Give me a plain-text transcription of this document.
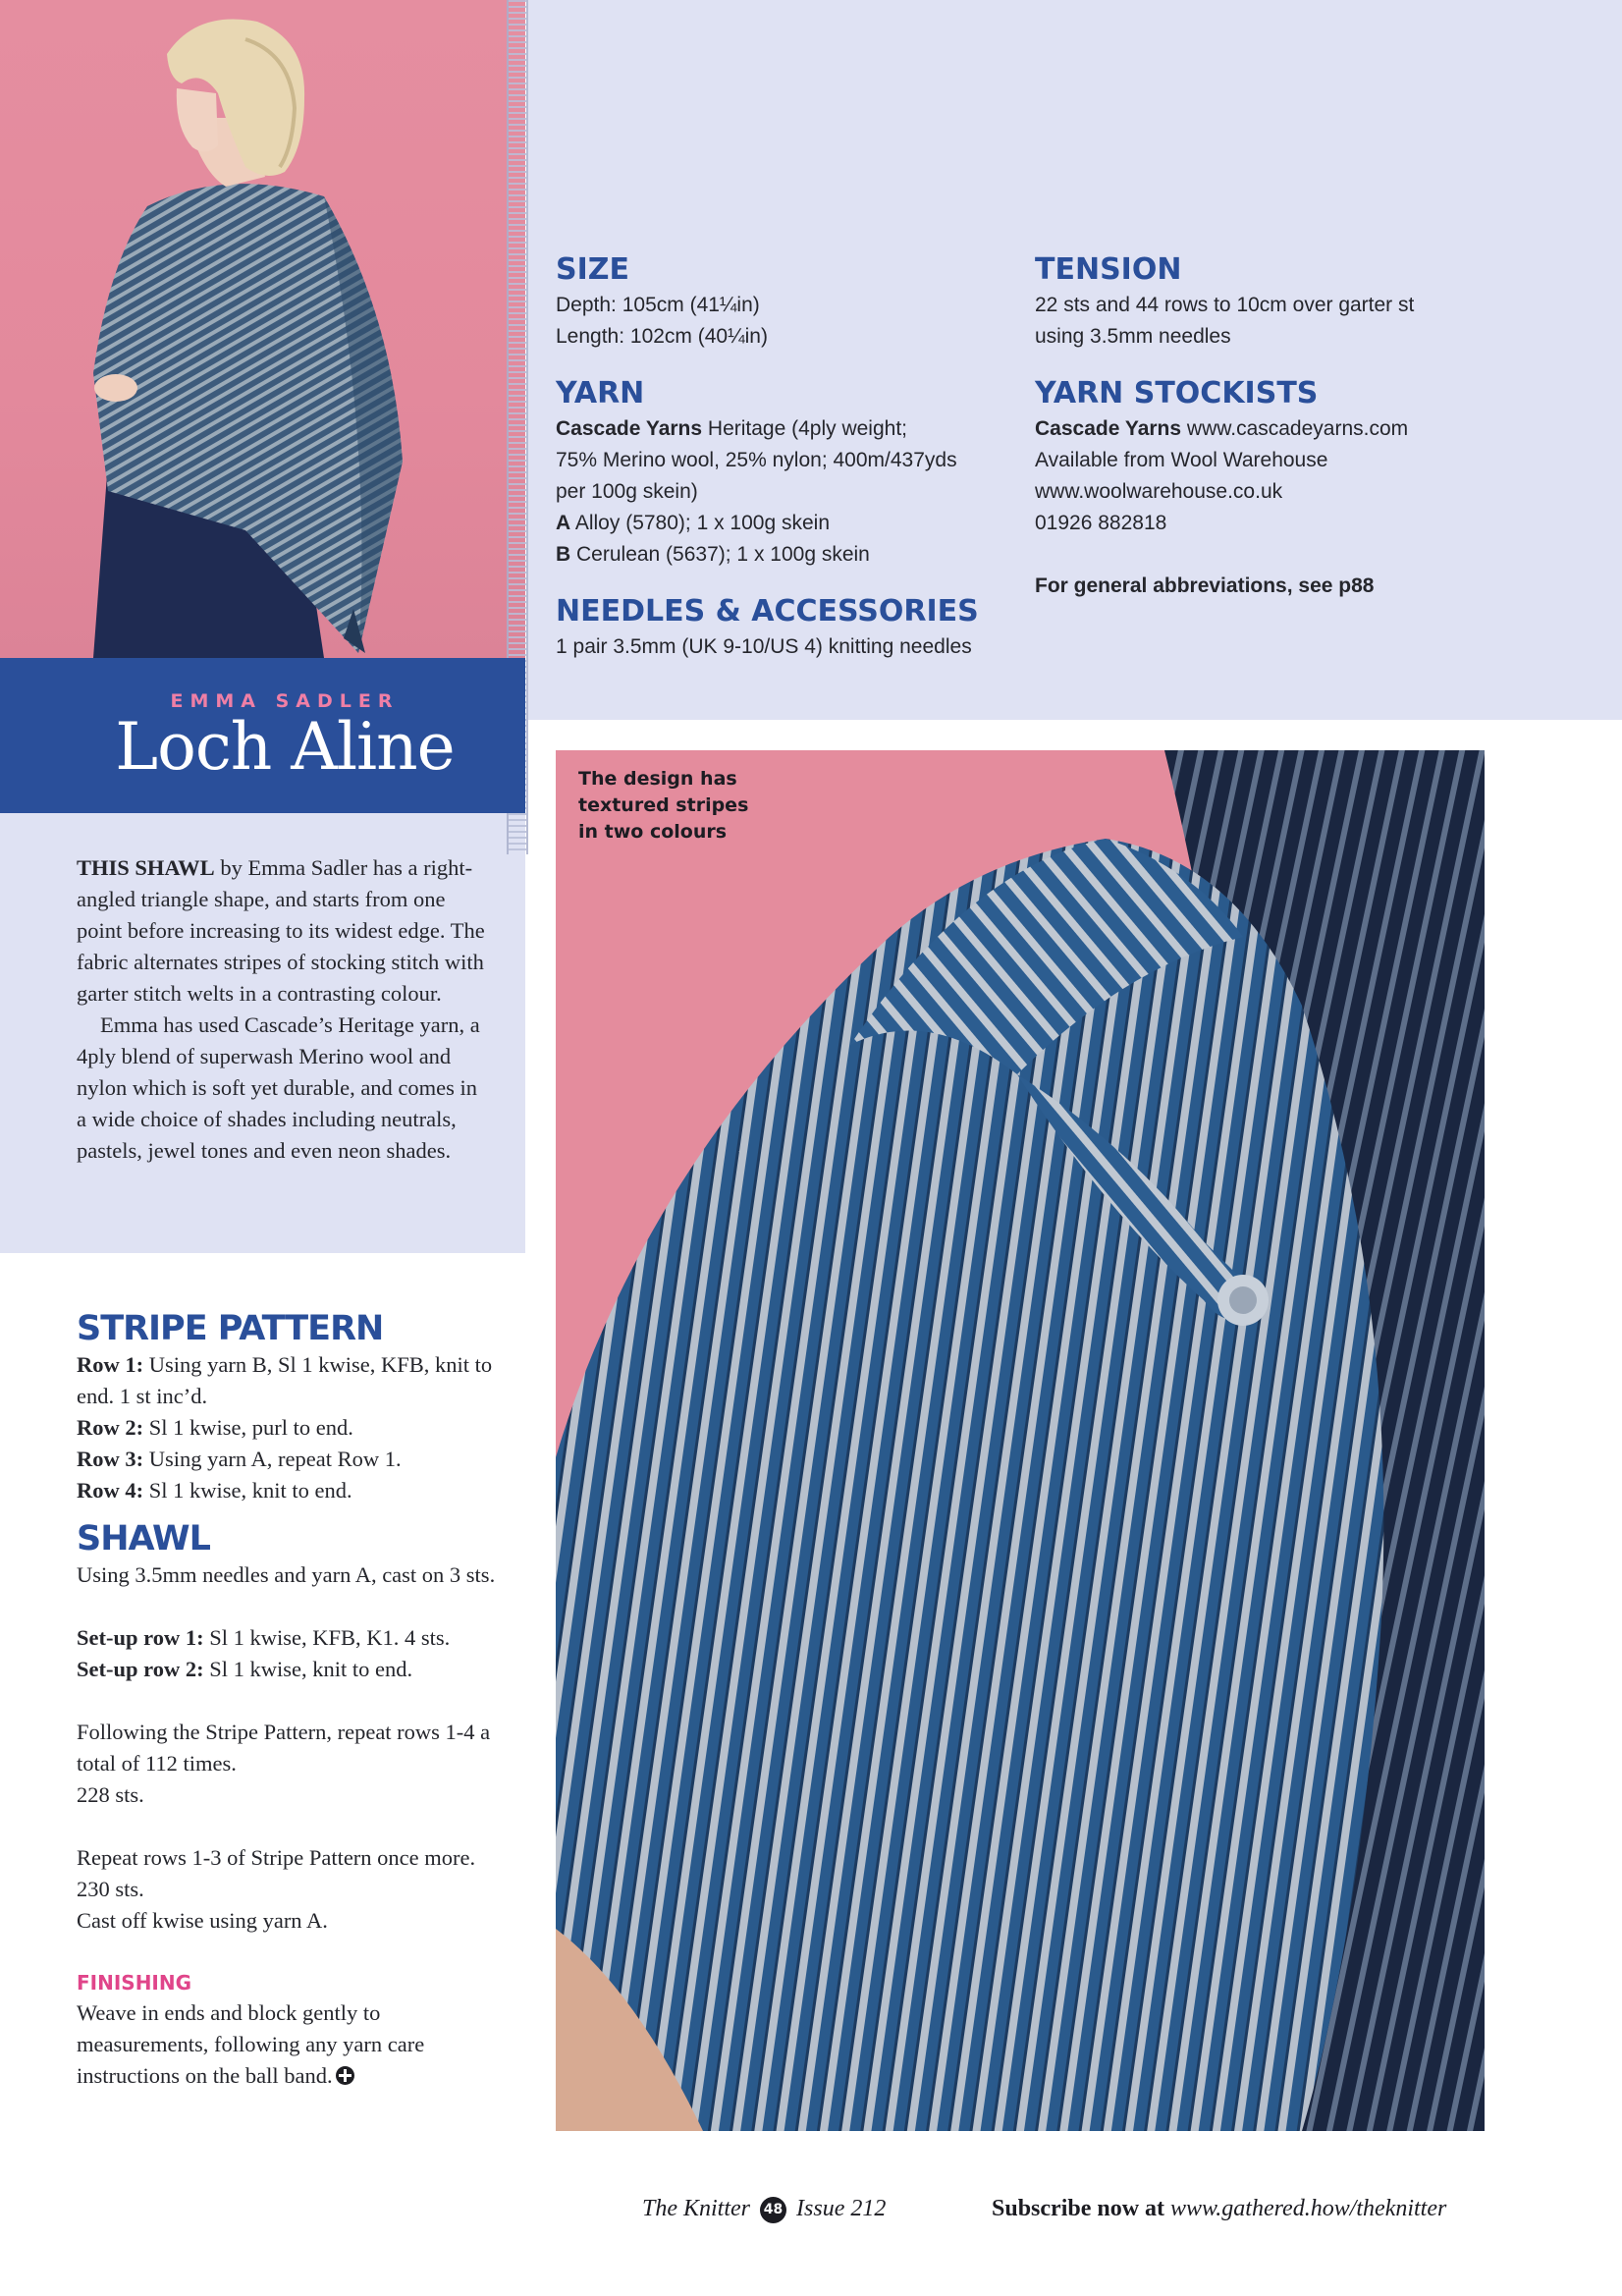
EMMA SADLER
Loch Aline

THIS SHAWL by Emma Sadler has a right-angled triangle shape, and starts from one point before increasing to its widest edge. The fabric alternates stripes of stocking stitch with garter stitch welts in a contrasting colour.

Emma has used Cascade’s Heritage yarn, a 4ply blend of superwash Merino wool and nylon which is soft yet durable, and comes in a wide choice of shades including neutrals, pastels, jewel tones and even neon shades.

SIZE
Depth: 105cm (41¼in)
Length: 102cm (40¼in)
YARN
Cascade Yarns Heritage (4ply weight;
75% Merino wool, 25% nylon; 400m/437yds
per 100g skein)
A Alloy (5780); 1 x 100g skein
B Cerulean (5637); 1 x 100g skein
NEEDLES & ACCESSORIES
1 pair 3.5mm (UK 9-10/US 4) knitting needles
TENSION
22 sts and 44 rows to 10cm over garter st
using 3.5mm needles
YARN STOCKISTS
Cascade Yarns www.cascadeyarns.com
Available from Wool Warehouse
www.woolwarehouse.co.uk
01926 882818
For general abbreviations, see p88
The design has textured stripes in two colours
STRIPE PATTERN
Row 1: Using yarn B, Sl 1 kwise, KFB, knit to end. 1 st inc’d.
Row 2: Sl 1 kwise, purl to end.
Row 3: Using yarn A, repeat Row 1.
Row 4: Sl 1 kwise, knit to end.
SHAWL
Using 3.5mm needles and yarn A, cast on 3 sts.
Set-up row 1: Sl 1 kwise, KFB, K1. 4 sts.
Set-up row 2: Sl 1 kwise, knit to end.
Following the Stripe Pattern, repeat rows 1-4 a total of 112 times.
228 sts.
Repeat rows 1-3 of Stripe Pattern once more. 230 sts.
Cast off kwise using yarn A.
FINISHING
Weave in ends and block gently to measurements, following any yarn care instructions on the ball band.
The Knitter 48 Issue 212	Subscribe now at www.gathered.how/theknitter
